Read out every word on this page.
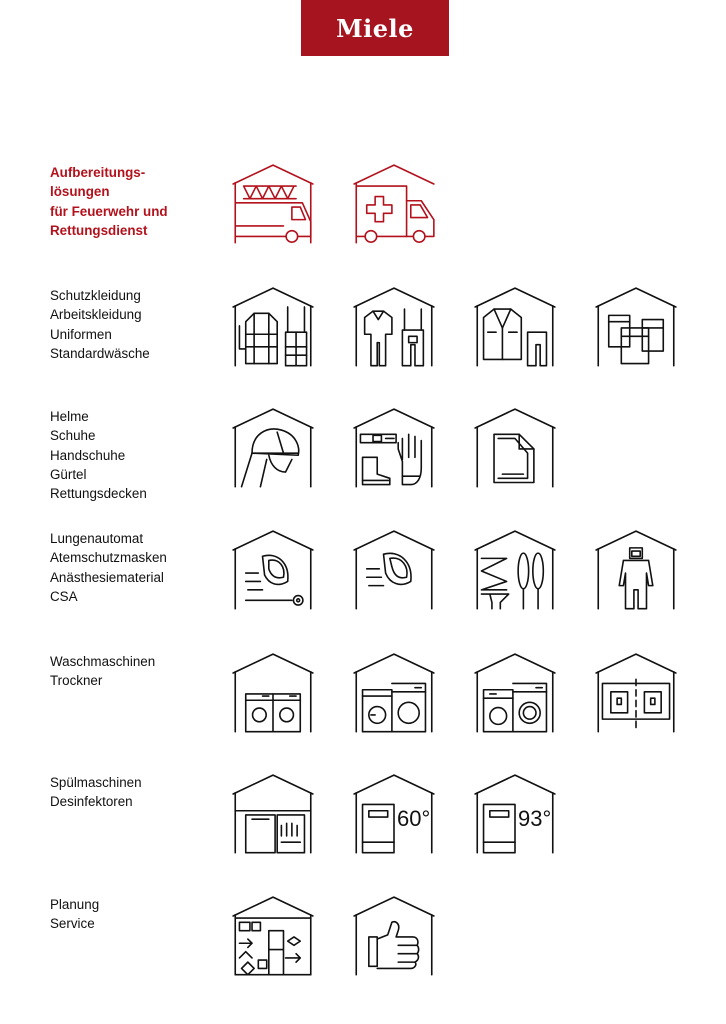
Miele
Aufbereitungs-
lösungen
für Feuerwehr und
Rettungsdienst
Schutzkleidung
Arbeitskleidung
Uniformen
Standardwäsche
Helme
Schuhe
Handschuhe
Gürtel
Rettungsdecken
Lungenautomat
Atemschutzmasken
Anästhesiematerial
CSA
Waschmaschinen
Trockner
Spülmaschinen
Desinfektoren
60°	93°
Planung
Service
